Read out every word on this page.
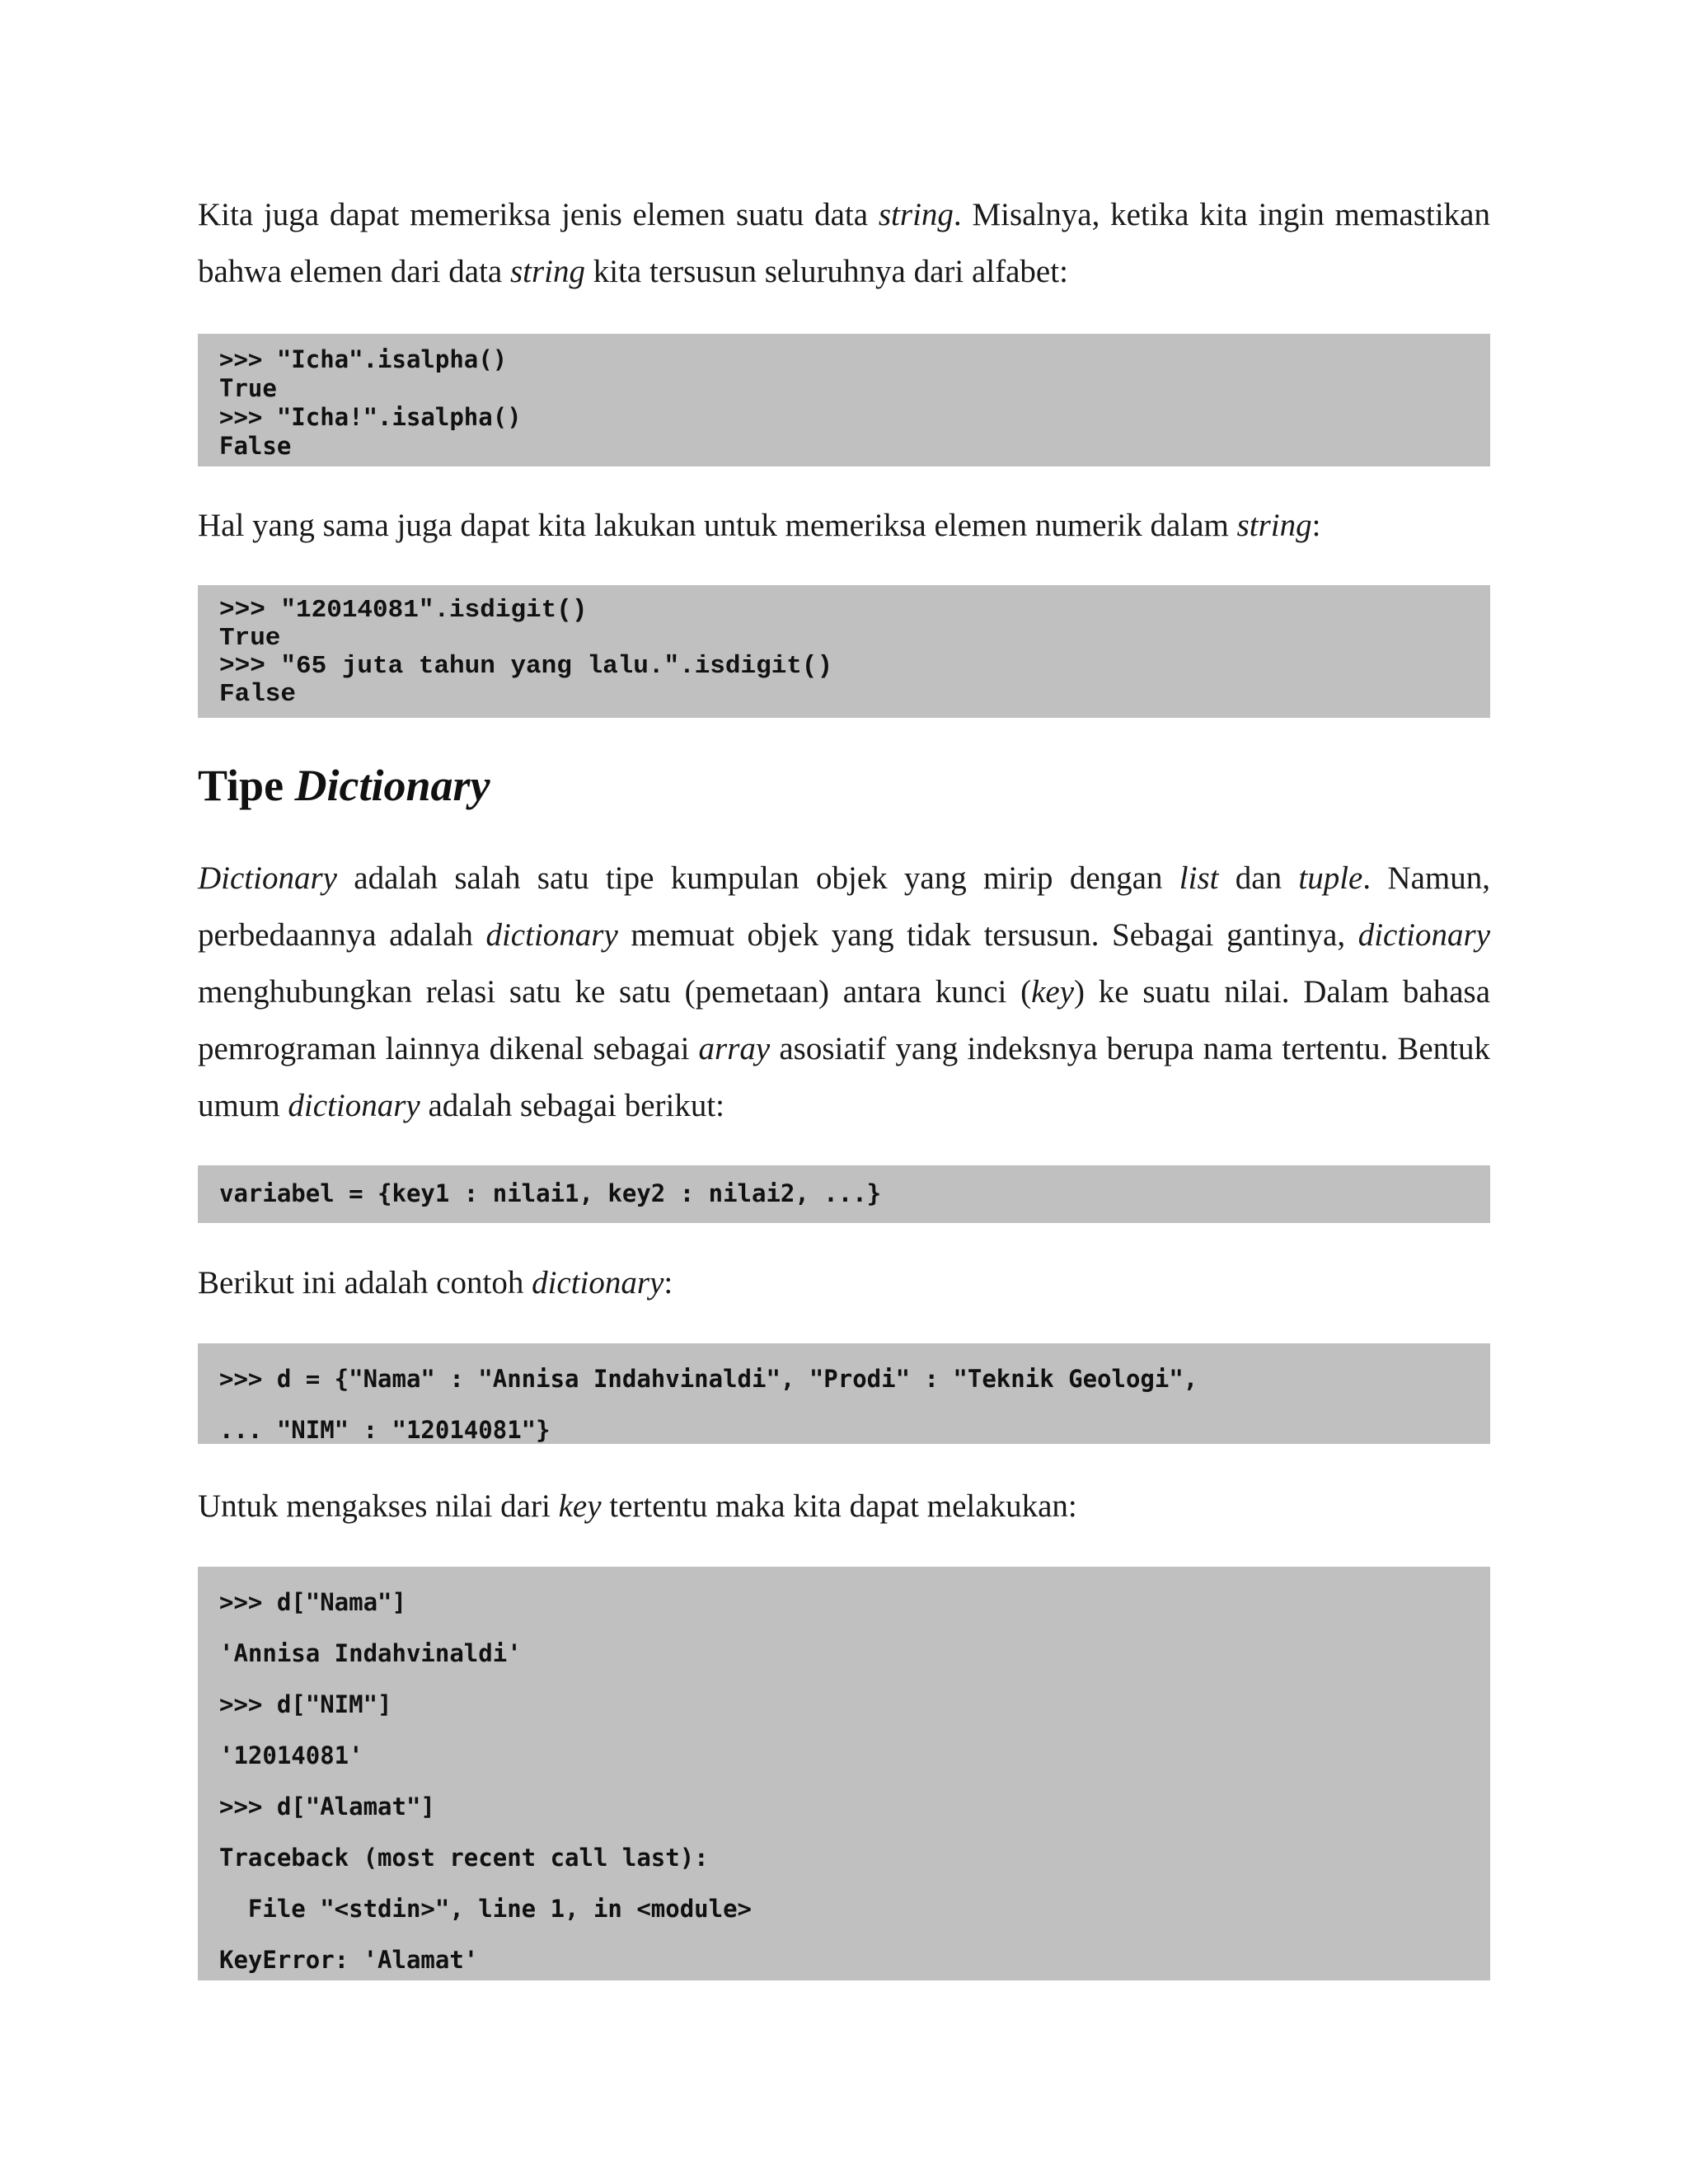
Kita juga dapat memeriksa jenis elemen suatu data string. Misalnya, ketika kita ingin memastikan bahwa elemen dari data string kita tersusun seluruhnya dari alfabet:

>>> "Icha".isalpha()
True
>>> "Icha!".isalpha()
False

Hal yang sama juga dapat kita lakukan untuk memeriksa elemen numerik dalam string:

>>> "12014081".isdigit()
True
>>> "65 juta tahun yang lalu.".isdigit()
False
Tipe Dictionary

Dictionary adalah salah satu tipe kumpulan objek yang mirip dengan list dan tuple. Namun, perbedaannya adalah dictionary memuat objek yang tidak tersusun. Sebagai gantinya, dictionary menghubungkan relasi satu ke satu (pemetaan) antara kunci (key) ke suatu nilai. Dalam bahasa pemrograman lainnya dikenal sebagai array asosiatif yang indeksnya berupa nama tertentu. Bentuk umum dictionary adalah sebagai berikut:

variabel = {key1 : nilai1, key2 : nilai2, ...}

Berikut ini adalah contoh dictionary:

>>> d = {"Nama" : "Annisa Indahvinaldi", "Prodi" : "Teknik Geologi",
... "NIM" : "12014081"}

Untuk mengakses nilai dari key tertentu maka kita dapat melakukan:

>>> d["Nama"]
'Annisa Indahvinaldi'
>>> d["NIM"]
'12014081'
>>> d["Alamat"]
Traceback (most recent call last):
File "<stdin>", line 1, in <module>
KeyError: 'Alamat'
